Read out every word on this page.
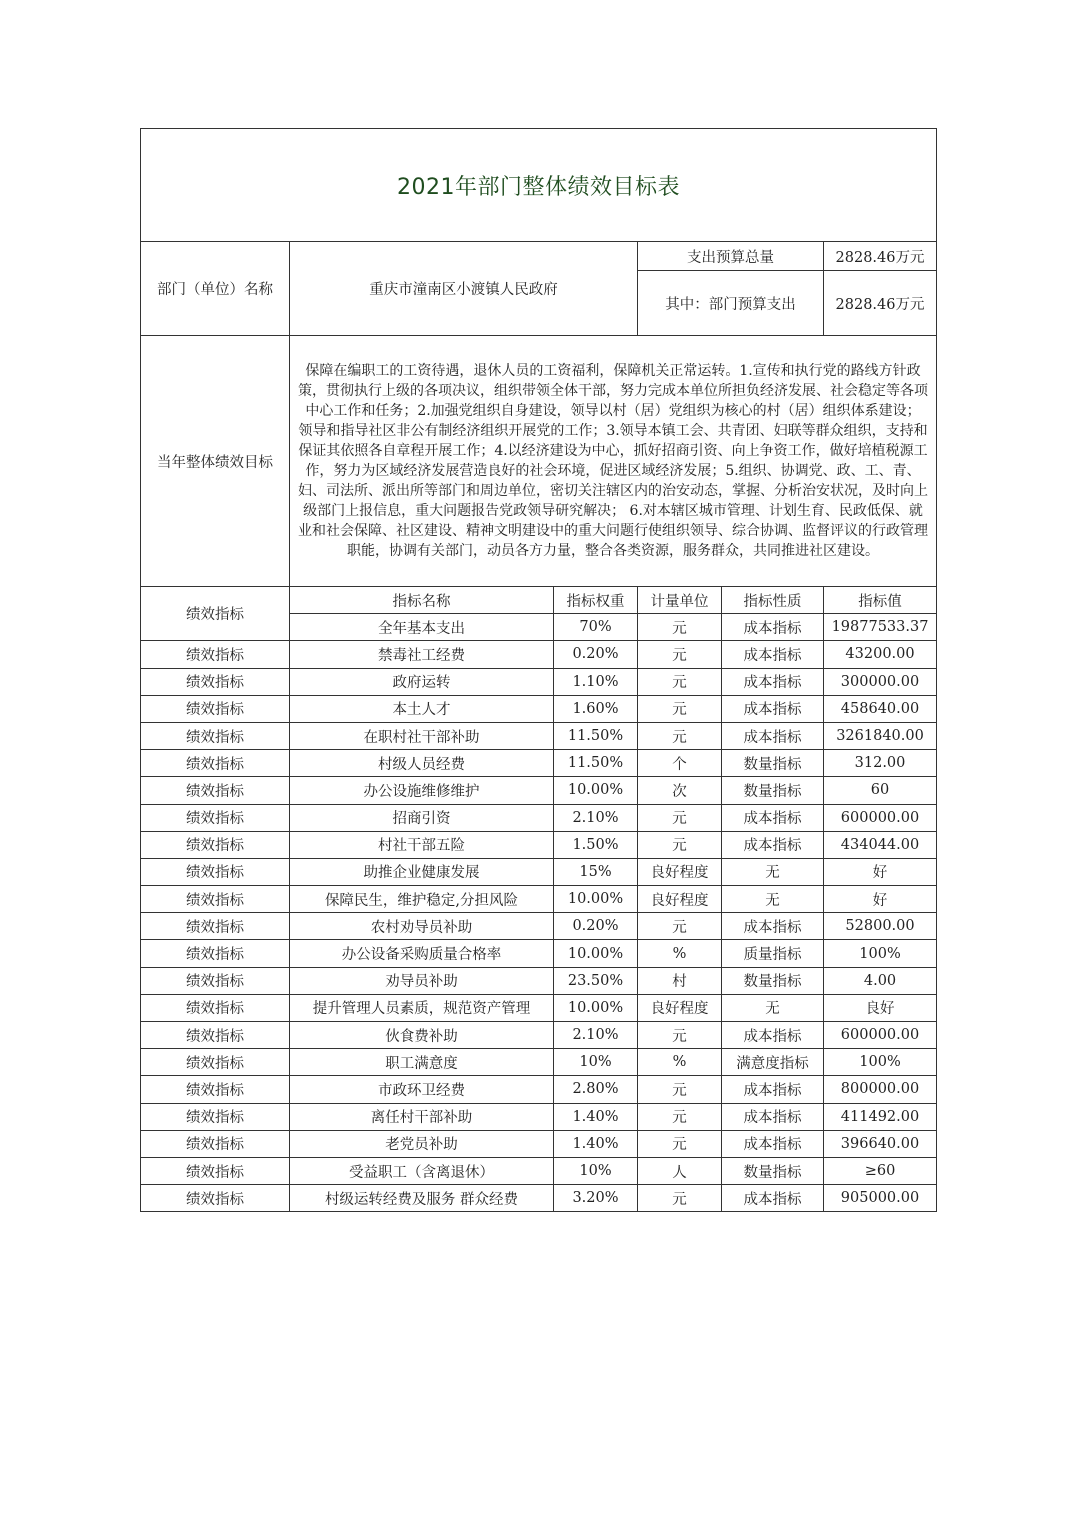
2021年部门整体绩效目标表					
部门（单位）名称	重庆市潼南区小渡镇人民政府		支出预算总量		2828.46万元
			其中：部门预算支出		2828.46万元
当年整体绩效目标	保障在编职工的工资待遇，退休人员的工资福利，保障机关正常运转。1.宣传和执行党的路线方针政策，贯彻执行上级的各项决议，组织带领全体干部，努力完成本单位所担负经济发展、社会稳定等各项中心工作和任务；2.加强党组织自身建设，领导以村（居）党组织为核心的村（居）组织体系建设； 领导和指导社区非公有制经济组织开展党的工作；3.领导本镇工会、共青团、妇联等群众组织，支持和保证其依照各自章程开展工作；4.以经济建设为中心，抓好招商引资、向上争资工作，做好培植税源工作，努力为区域经济发展营造良好的社会环境，促进区域经济发展；5.组织、协调党、政、工、青、妇、司法所、派出所等部门和周边单位，密切关注辖区内的治安动态，掌握、分析治安状况，及时向上级部门上报信息，重大问题报告党政领导研究解决； 6.对本辖区城市管理、计划生育、民政低保、就业和社会保障、社区建设、精神文明建设中的重大问题行使组织领导、综合协调、监督评议的行政管理职能，协调有关部门，动员各方力量，整合各类资源，服务群众，共同推进社区建设。				
绩效指标	指标名称	指标权重	计量单位	指标性质	指标值
	全年基本支出	70%	元	成本指标	19877533.37
绩效指标	禁毒社工经费	0.20%	元	成本指标	43200.00
绩效指标	政府运转	1.10%	元	成本指标	300000.00
绩效指标	本土人才	1.60%	元	成本指标	458640.00
绩效指标	在职村社干部补助	11.50%	元	成本指标	3261840.00
绩效指标	村级人员经费	11.50%	个	数量指标	312.00
绩效指标	办公设施维修维护	10.00%	次	数量指标	60
绩效指标	招商引资	2.10%	元	成本指标	600000.00
绩效指标	村社干部五险	1.50%	元	成本指标	434044.00
绩效指标	助推企业健康发展	15%	良好程度	无	好
绩效指标	保障民生，维护稳定,分担风险	10.00%	良好程度	无	好
绩效指标	农村劝导员补助	0.20%	元	成本指标	52800.00
绩效指标	办公设备采购质量合格率	10.00%	%	质量指标	100%
绩效指标	劝导员补助	23.50%	村	数量指标	4.00
绩效指标	提升管理人员素质，规范资产管理	10.00%	良好程度	无	良好
绩效指标	伙食费补助	2.10%	元	成本指标	600000.00
绩效指标	职工满意度	10%	%	满意度指标	100%
绩效指标	市政环卫经费	2.80%	元	成本指标	800000.00
绩效指标	离任村干部补助	1.40%	元	成本指标	411492.00
绩效指标	老党员补助	1.40%	元	成本指标	396640.00
绩效指标	受益职工（含离退休）	10%	人	数量指标	≥60
绩效指标	村级运转经费及服务 群众经费	3.20%	元	成本指标	905000.00
